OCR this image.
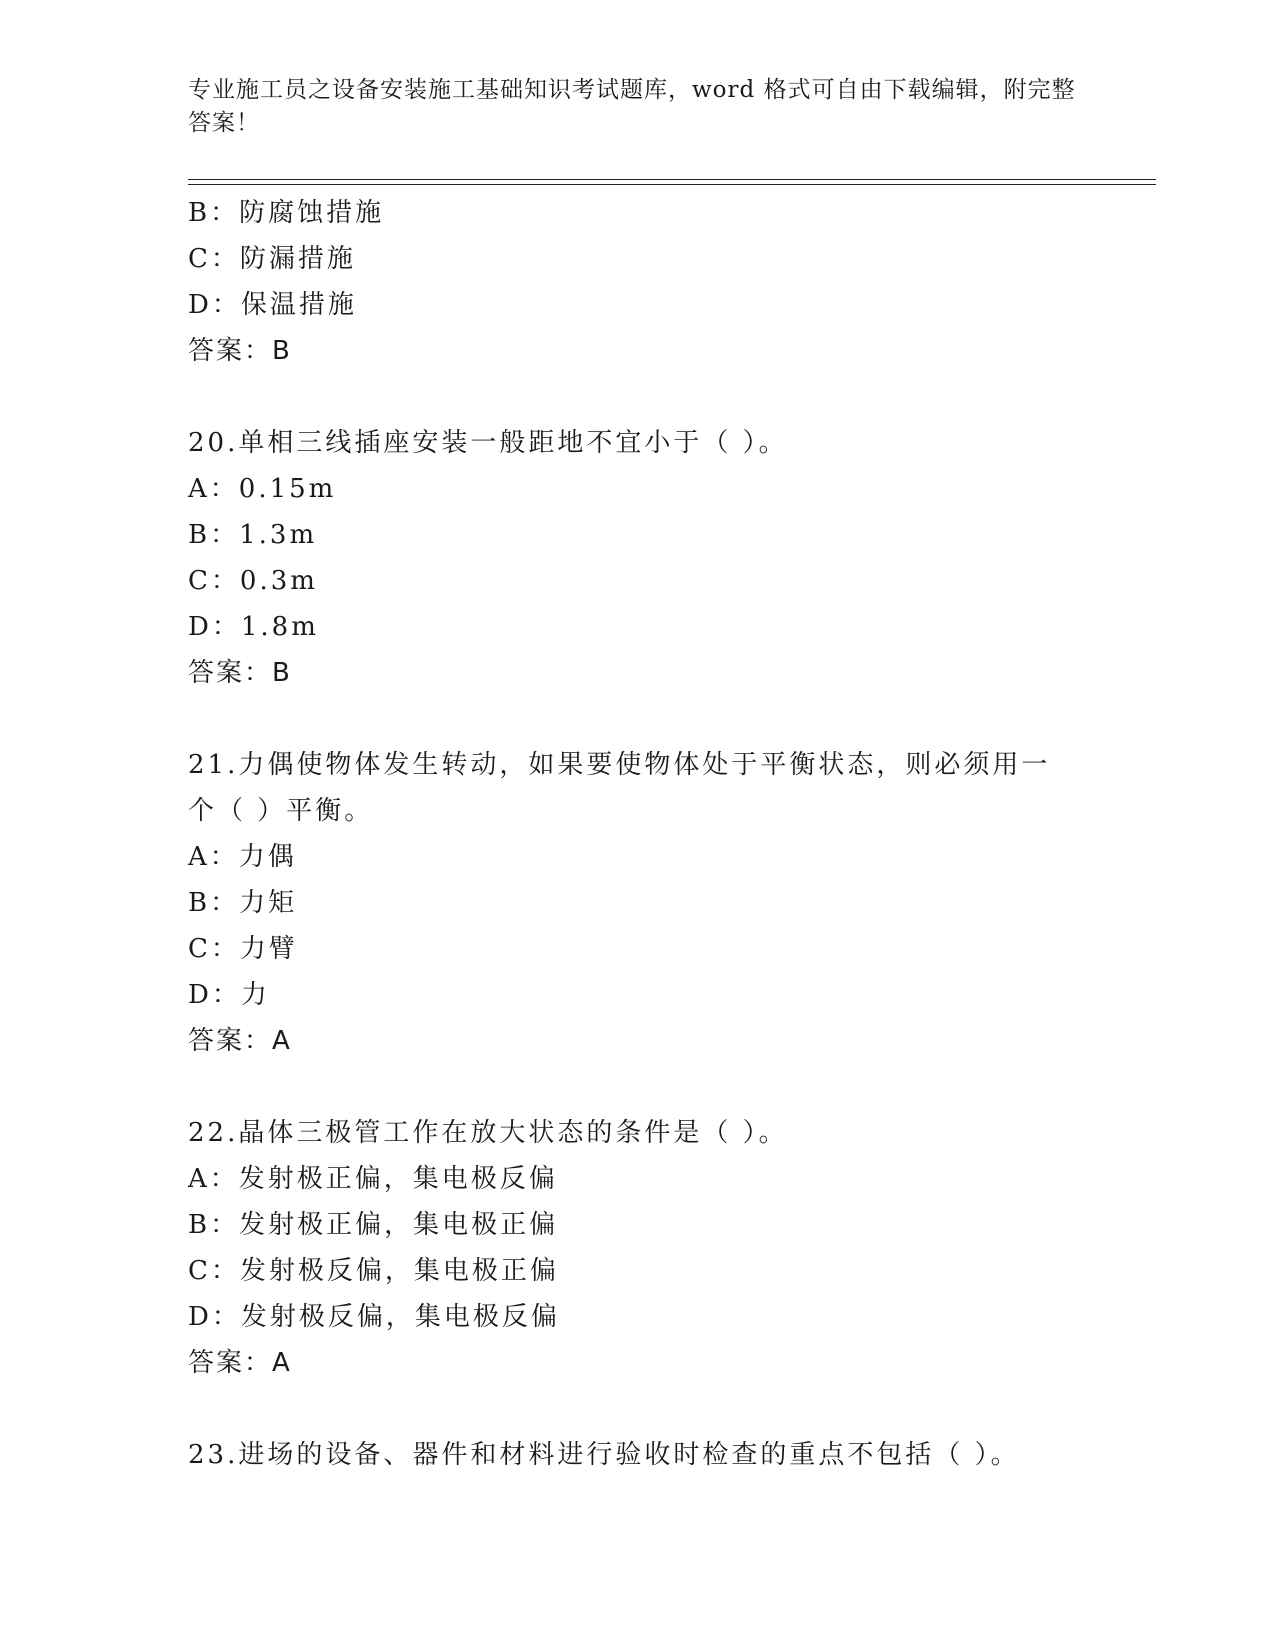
专业施工员之设备安装施工基础知识考试题库，word 格式可自由下载编辑，附完整答案！
B：防腐蚀措施
C：防漏措施
D：保温措施
答案：B
20.单相三线插座安装一般距地不宜小于（ ）。
A：0.15m
B：1.3m
C：0.3m
D：1.8m
答案：B
21.力偶使物体发生转动，如果要使物体处于平衡状态，则必须用一个（ ）平衡。
A：力偶
B：力矩
C：力臂
D：力
答案：A
22.晶体三极管工作在放大状态的条件是（ ）。
A：发射极正偏，集电极反偏
B：发射极正偏，集电极正偏
C：发射极反偏，集电极正偏
D：发射极反偏，集电极反偏
答案：A
23.进场的设备、器件和材料进行验收时检查的重点不包括（ ）。
